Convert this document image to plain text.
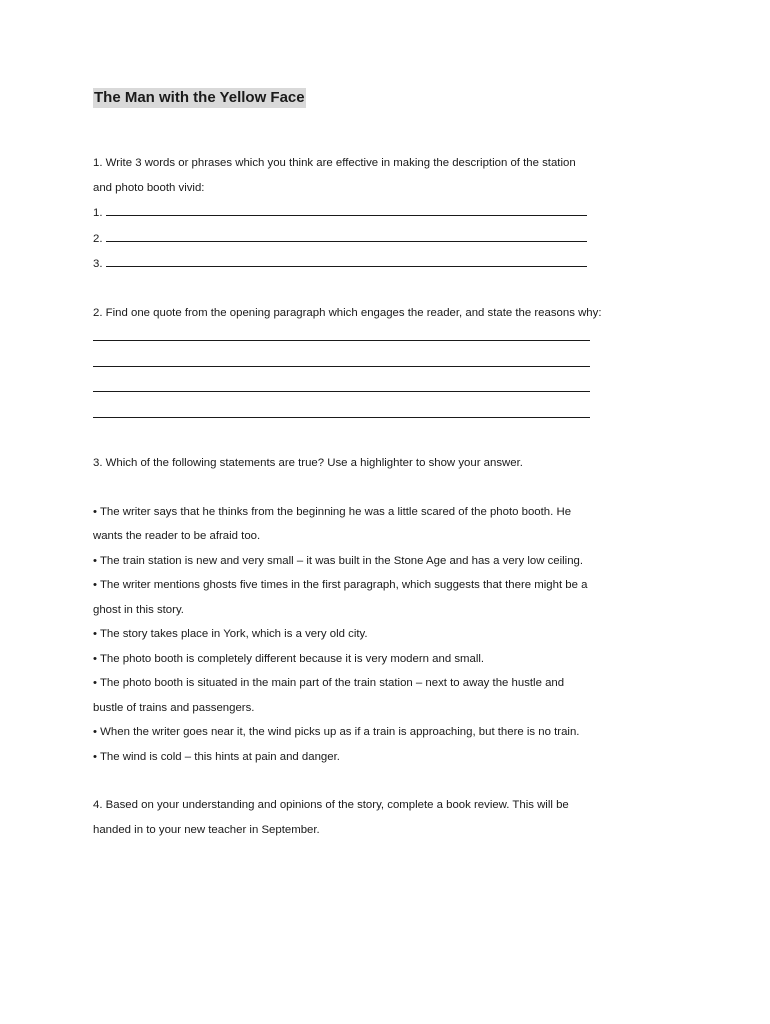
The Man with the Yellow Face

1. Write 3 words or phrases which you think are effective in making the description of the station

and photo booth vivid:

1.

2.

3.

2. Find one quote from the opening paragraph which engages the reader, and state the reasons why:

3. Which of the following statements are true? Use a highlighter to show your answer.

• The writer says that he thinks from the beginning he was a little scared of the photo booth. He

wants the reader to be afraid too.

• The train station is new and very small – it was built in the Stone Age and has a very low ceiling.

• The writer mentions ghosts five times in the first paragraph, which suggests that there might be a

ghost in this story.

• The story takes place in York, which is a very old city.

• The photo booth is completely different because it is very modern and small.

• The photo booth is situated in the main part of the train station – next to away the hustle and

bustle of trains and passengers.

• When the writer goes near it, the wind picks up as if a train is approaching, but there is no train.

• The wind is cold – this hints at pain and danger.

4. Based on your understanding and opinions of the story, complete a book review. This will be

handed in to your new teacher in September.
